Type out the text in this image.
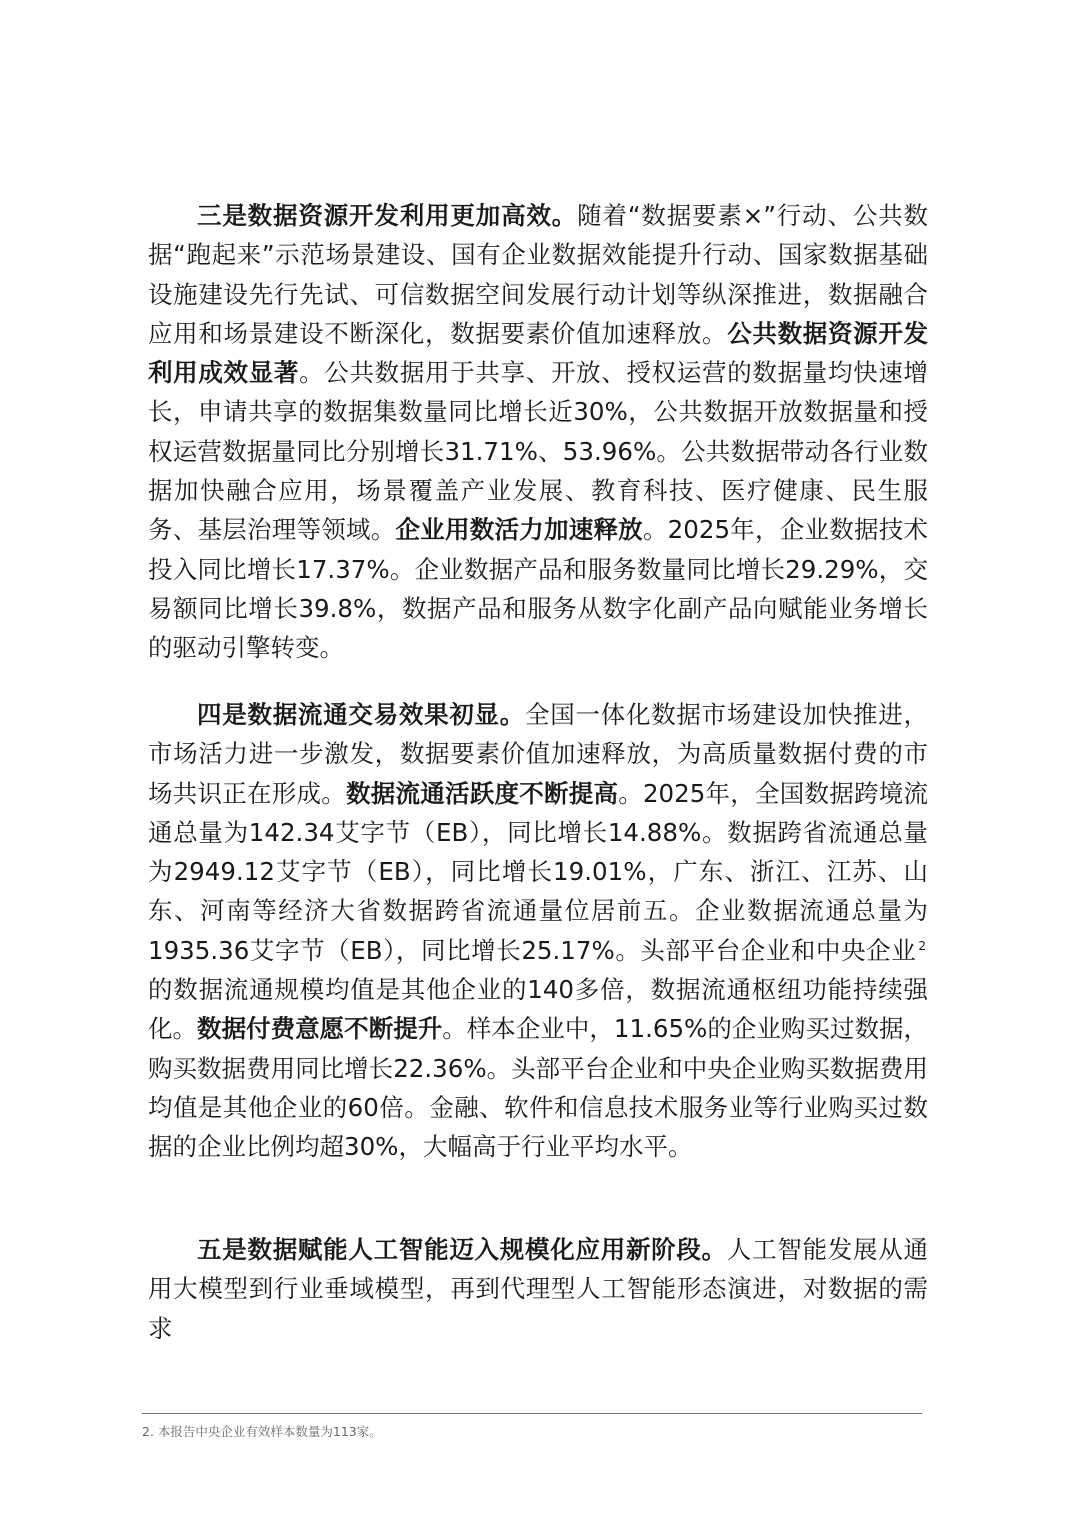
三是数据资源开发利用更加高效。随着“数据要素×”行动、公共数据“跑起来”示范场景建设、国有企业数据效能提升行动、国家数据基础设施建设先行先试、可信数据空间发展行动计划等纵深推进，数据融合应用和场景建设不断深化，数据要素价值加速释放。公共数据资源开发利用成效显著。公共数据用于共享、开放、授权运营的数据量均快速增长，申请共享的数据集数量同比增长近30%，公共数据开放数据量和授权运营数据量同比分别增长31.71%、53.96%。公共数据带动各行业数据加快融合应用，场景覆盖产业发展、教育科技、医疗健康、民生服务、基层治理等领域。企业用数活力加速释放。2025年，企业数据技术投入同比增长17.37%。企业数据产品和服务数量同比增长29.29%，交易额同比增长39.8%，数据产品和服务从数字化副产品向赋能业务增长的驱动引擎转变。

四是数据流通交易效果初显。全国一体化数据市场建设加快推进，市场活力进一步激发，数据要素价值加速释放，为高质量数据付费的市场共识正在形成。数据流通活跃度不断提高。2025年，全国数据跨境流通总量为142.34艾字节（EB），同比增长14.88%。数据跨省流通总量为2949.12艾字节（EB），同比增长19.01%，广东、浙江、江苏、山东、河南等经济大省数据跨省流通量位居前五。企业数据流通总量为1935.36艾字节（EB），同比增长25.17%。头部平台企业和中央企业 $^2$的数据流通规模均值是其他企业的140多倍，数据流通枢纽功能持续强化。数据付费意愿不断提升。样本企业中，11.65%的企业购买过数据，购买数据费用同比增长22.36%。头部平台企业和中央企业购买数据费用均值是其他企业的60倍。金融、软件和信息技术服务业等行业购买过数据的企业比例均超30%，大幅高于行业平均水平。

五是数据赋能人工智能迈入规模化应用新阶段。人工智能发展从通用大模型到行业垂域模型，再到代理型人工智能形态演进，对数据的需求

2. 本报告中央企业有效样本数量为113家。
